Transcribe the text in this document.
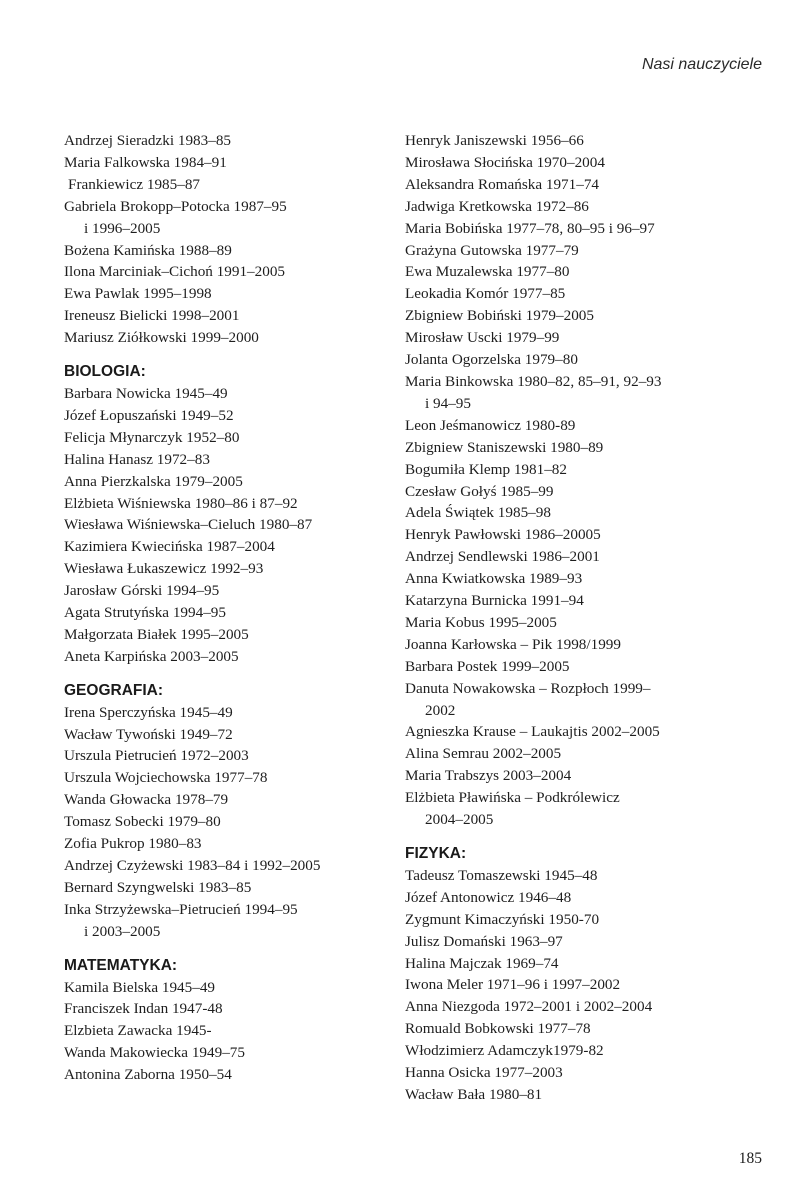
Nasi nauczyciele
Andrzej Sieradzki 1983–85
Maria Falkowska 1984–91
Frankiewicz 1985–87
Gabriela Brokopp–Potocka 1987–95
i 1996–2005
Bożena Kamińska 1988–89
Ilona Marciniak–Cichoń 1991–2005
Ewa Pawlak 1995–1998
Ireneusz Bielicki 1998–2001
Mariusz Ziółkowski 1999–2000
BIOLOGIA:
Barbara Nowicka 1945–49
Józef Łopuszański 1949–52
Felicja Młynarczyk 1952–80
Halina Hanasz 1972–83
Anna Pierzkalska 1979–2005
Elżbieta Wiśniewska 1980–86 i 87–92
Wiesława Wiśniewska–Cieluch 1980–87
Kazimiera Kwiecińska 1987–2004
Wiesława Łukaszewicz 1992–93
Jarosław Górski 1994–95
Agata Strutyńska 1994–95
Małgorzata Białek 1995–2005
Aneta Karpińska 2003–2005
GEOGRAFIA:
Irena Sperczyńska 1945–49
Wacław Tywoński 1949–72
Urszula Pietrucień 1972–2003
Urszula Wojciechowska 1977–78
Wanda Głowacka 1978–79
Tomasz Sobecki 1979–80
Zofia Pukrop 1980–83
Andrzej Czyżewski 1983–84 i 1992–2005
Bernard Szyngwelski 1983–85
Inka Strzyżewska–Pietrucień 1994–95
i 2003–2005
MATEMATYKA:
Kamila Bielska 1945–49
Franciszek Indan 1947-48
Elzbieta Zawacka 1945-
Wanda Makowiecka 1949–75
Antonina Zaborna 1950–54
Henryk Janiszewski 1956–66
Mirosława Słocińska 1970–2004
Aleksandra Romańska 1971–74
Jadwiga Kretkowska 1972–86
Maria Bobińska 1977–78, 80–95 i 96–97
Grażyna Gutowska 1977–79
Ewa Muzalewska 1977–80
Leokadia Komór 1977–85
Zbigniew Bobiński 1979–2005
Mirosław Uscki 1979–99
Jolanta Ogorzelska 1979–80
Maria Binkowska 1980–82, 85–91, 92–93
i 94–95
Leon Jeśmanowicz 1980-89
Zbigniew Staniszewski 1980–89
Bogumiła Klemp 1981–82
Czesław Gołyś 1985–99
Adela Świątek 1985–98
Henryk Pawłowski 1986–20005
Andrzej Sendlewski 1986–2001
Anna Kwiatkowska 1989–93
Katarzyna Burnicka 1991–94
Maria Kobus 1995–2005
Joanna Karłowska – Pik 1998/1999
Barbara Postek 1999–2005
Danuta Nowakowska – Rozpłoch 1999–
2002
Agnieszka Krause – Laukajtis 2002–2005
Alina Semrau 2002–2005
Maria Trabszys 2003–2004
Elżbieta Pławińska – Podkrólewicz
2004–2005
FIZYKA:
Tadeusz Tomaszewski 1945–48
Józef Antonowicz 1946–48
Zygmunt Kimaczyński 1950-70
Julisz Domański 1963–97
Halina Majczak 1969–74
Iwona Meler 1971–96 i 1997–2002
Anna Niezgoda 1972–2001 i 2002–2004
Romuald Bobkowski 1977–78
Włodzimierz Adamczyk1979-82
Hanna Osicka 1977–2003
Wacław Bała 1980–81
185
